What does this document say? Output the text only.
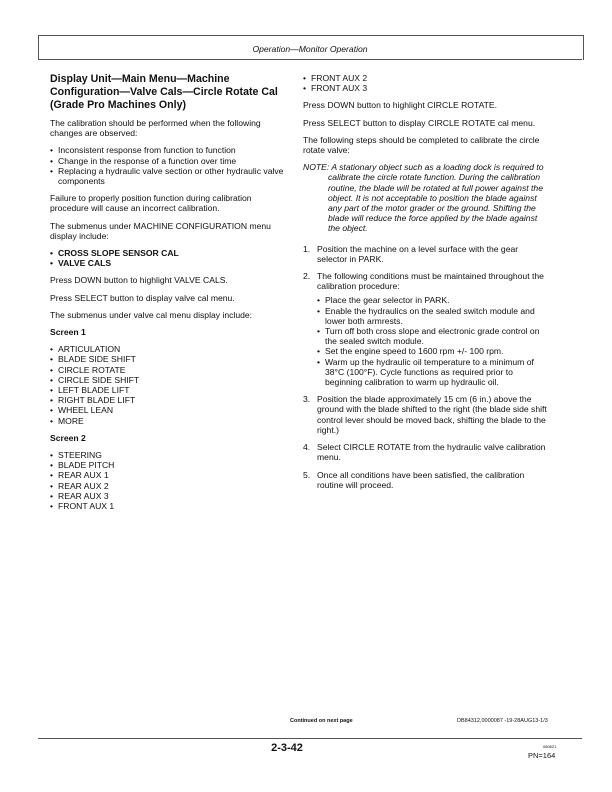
Operation—Monitor Operation
Display Unit—Main Menu—Machine Configuration—Valve Cals—Circle Rotate Cal (Grade Pro Machines Only)

The calibration should be performed when the following changes are observed:

• Inconsistent response from function to function
• Change in the response of a function over time
• Replacing a hydraulic valve section or other hydraulic valve components

Failure to properly position function during calibration procedure will cause an incorrect calibration.

The submenus under MACHINE CONFIGURATION menu display include:

• CROSS SLOPE SENSOR CAL
• VALVE CALS

Press DOWN button to highlight VALVE CALS.

Press SELECT button to display valve cal menu.

The submenus under valve cal menu display include:

Screen 1
• ARTICULATION
• BLADE SIDE SHIFT
• CIRCLE ROTATE
• CIRCLE SIDE SHIFT
• LEFT BLADE LIFT
• RIGHT BLADE LIFT
• WHEEL LEAN
• MORE
Screen 2
• STEERING
• BLADE PITCH
• REAR AUX 1
• REAR AUX 2
• REAR AUX 3
• FRONT AUX 1
• FRONT AUX 2
• FRONT AUX 3

Press DOWN button to highlight CIRCLE ROTATE.

Press SELECT button to display CIRCLE ROTATE cal menu.

The following steps should be completed to calibrate the circle rotate valve:

NOTE: A stationary object such as a loading dock is required to calibrate the circle rotate function. During the calibration routine, the blade will be rotated at full power against the object. It is not acceptable to position the blade against any part of the motor grader or the ground. Shifting the blade will reduce the force applied by the blade against the object.

1. Position the machine on a level surface with the gear selector in PARK.
2. The following conditions must be maintained throughout the calibration procedure:
• Place the gear selector in PARK.
• Enable the hydraulics on the sealed switch module and lower both armrests.
• Turn off both cross slope and electronic grade control on the sealed switch module.
• Set the engine speed to 1600 rpm +/- 100 rpm.
• Warm up the hydraulic oil temperature to a minimum of 38°C (100°F). Cycle functions as required prior to beginning calibration to warm up hydraulic oil.
3. Position the blade approximately 15 cm (6 in.) above the ground with the blade shifted to the right (the blade side shift control lever should be moved back, shifting the blade to the right.)
4. Select CIRCLE ROTATE from the hydraulic valve calibration menu.
5. Once all conditions have been satisfied, the calibration routine will proceed.
Continued on next page	DB84312,0000087 -19-28AUG13-1/3
2-3-42	080621
PN=164
